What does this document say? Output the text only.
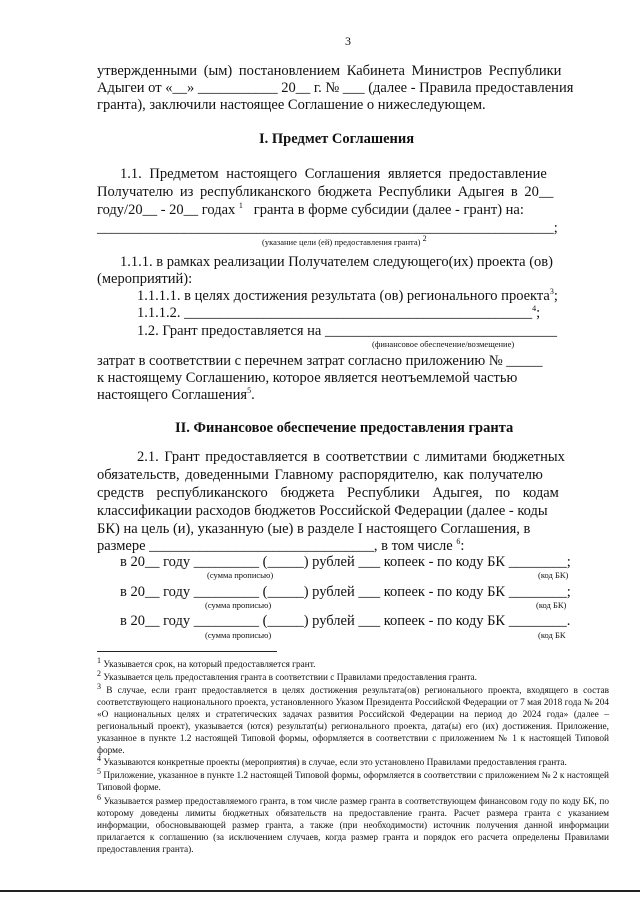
3
утвержденными (ым) постановлением Кабинета Министров Республики
Адыгеи от «__» ___________ 20__ г. № ___ (далее - Правила предоставления
гранта), заключили настоящее Соглашение о нижеследующем.
I. Предмет Соглашения
1.1. Предметом настоящего Соглашения является предоставление
Получателю из республиканского бюджета Республики Адыгея в 20__
году/20__ - 20__ годах $^1$ гранта в форме субсидии (далее - грант) на:
_______________________________________________________________;
(указание цели (ей) предоставления гранта) $^2$
1.1.1. в рамках реализации Получателем следующего(их) проекта (ов)
(мероприятий):
1.1.1.1. в целях достижения результата (ов) регионального проекта$^3$;
1.1.1.2. ________________________________________________$^4$;
1.2. Грант предоставляется на ________________________________
(финансовое обеспечение/возмещение)
затрат в соответствии с перечнем затрат согласно приложению № _____
к настоящему Соглашению, которое является неотъемлемой частью
настоящего Соглашения$^5$.
II. Финансовое обеспечение предоставления гранта
2.1. Грант предоставляется в соответствии с лимитами бюджетных
обязательств, доведенными Главному распорядителю, как получателю
средств республиканского бюджета Республики Адыгея, по кодам
классификации расходов бюджетов Российской Федерации (далее - коды
БК) на цель (и), указанную (ые) в разделе I настоящего Соглашения, в
размере _______________________________, в том числе $^6$:
в 20__ году _________ (_____) рублей ___ копеек - по коду БК ________;
(сумма прописью)	(код БК)
в 20__ году _________ (_____) рублей ___ копеек - по коду БК ________;
(сумма прописью)	(код БК)
в 20__ году _________ (_____) рублей ___ копеек - по коду БК ________.
(сумма прописью)	(код БК
$^1$ Указывается срок, на который предоставляется грант.
$^2$ Указывается цель предоставления гранта в соответствии с Правилами предоставления гранта.
$^3$ В случае, если грант предоставляется в целях достижения результата(ов) регионального проекта, входящего в состав соответствующего национального проекта, установленного Указом Президента Российской Федерации от 7 мая 2018 года № 204 «О национальных целях и стратегических задачах развития Российской Федерации на период до 2024 года» (далее – региональный проект), указывается (ются) результат(ы) регионального проекта, дата(ы) его (их) достижения. Приложение, указанное в пункте 1.2 настоящей Типовой формы, оформляется в соответствии с приложением № 1 к настоящей Типовой форме.
$^4$ Указываются конкретные проекты (мероприятия) в случае, если это установлено Правилами предоставления гранта.
$^5$ Приложение, указанное в пункте 1.2 настоящей Типовой формы, оформляется в соответствии с приложением № 2 к настоящей Типовой форме.
$^6$ Указывается размер предоставляемого гранта, в том числе размер гранта в соответствующем финансовом году по коду БК, по которому доведены лимиты бюджетных обязательств на предоставление гранта. Расчет размера гранта с указанием информации, обосновывающей размер гранта, а также (при необходимости) источник получения данной информации прилагается к соглашению (за исключением случаев, когда размер гранта и порядок его расчета определены Правилами предоставления гранта).
